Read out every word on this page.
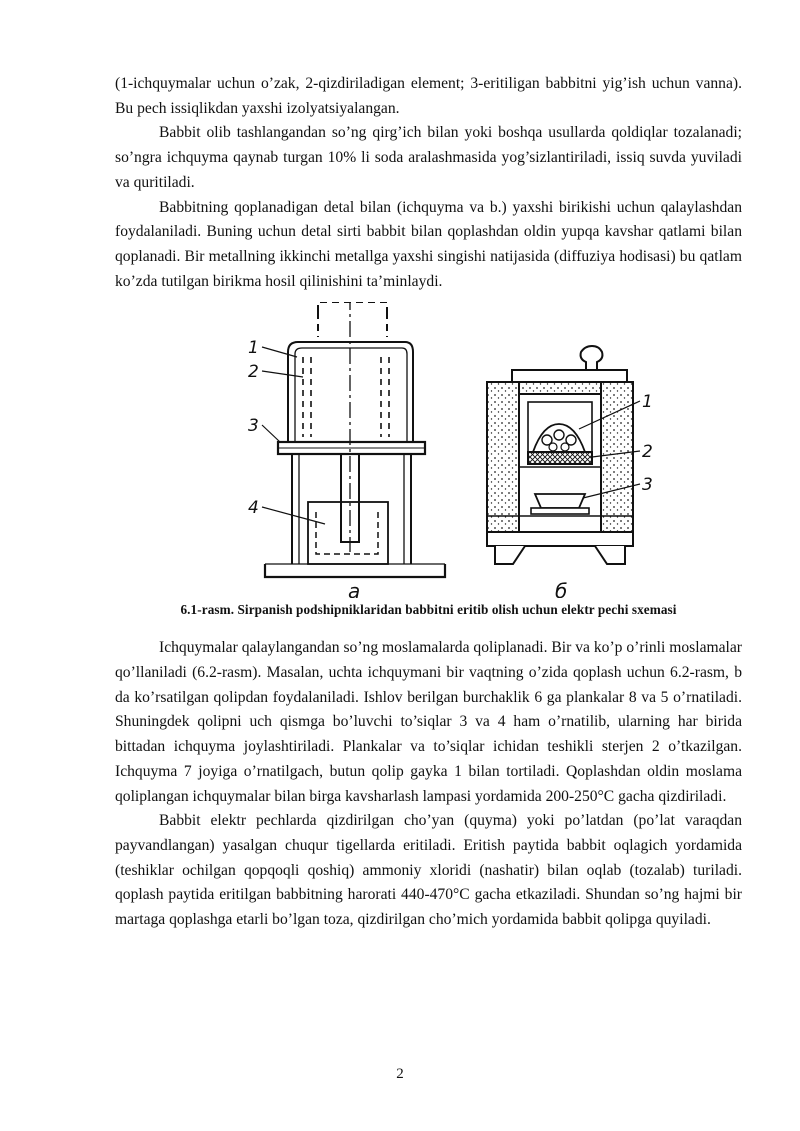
(1-ichquymalar uchun o’zak, 2-qizdiriladigan element; 3-eritiligan babbitni yig’ish uchun vanna). Bu pech issiqlikdan yaxshi izolyatsiyalangan.

Babbit olib tashlangandan so’ng qirg’ich bilan yoki boshqa usullarda qoldiqlar tozalanadi; so’ngra ichquyma qaynab turgan 10% li soda aralashmasida yog’sizlantiriladi, issiq suvda yuviladi va quritiladi.

Babbitning qoplanadigan detal bilan (ichquyma va b.) yaxshi birikishi uchun qalaylashdan foydalaniladi. Buning uchun detal sirti babbit bilan qoplashdan oldin yupqa kavshar qatlami bilan qoplanadi. Bir metallning ikkinchi metallga yaxshi singishi natijasida (diffuziya hodisasi) bu qatlam ko’zda tutilgan birikma hosil qilinishini ta’minlaydi.

1
2
3
4
a
1
2
3
б
6.1-rasm. Sirpanish podshipniklaridan babbitni eritib olish uchun elektr pechi sxemasi

Ichquymalar qalaylangandan so’ng moslamalarda qoliplanadi. Bir va ko’p o’rinli moslamalar qo’llaniladi (6.2-rasm). Masalan, uchta ichquymani bir vaqtning o’zida qoplash uchun 6.2-rasm, b da ko’rsatilgan qolipdan foydalaniladi. Ishlov berilgan burchaklik 6 ga plankalar 8 va 5 o’rnatiladi. Shuningdek qolipni uch qismga bo’luvchi to’siqlar 3 va 4 ham o’rnatilib, ularning har birida bittadan ichquyma joylashtiriladi. Plankalar va to’siqlar ichidan teshikli sterjen 2 o’tkazilgan. Ichquyma 7 joyiga o’rnatilgach, butun qolip gayka 1 bilan tortiladi. Qoplashdan oldin moslama qoliplangan ichquymalar bilan birga kavsharlash lampasi yordamida 200-250°C gacha qizdiriladi.

Babbit elektr pechlarda qizdirilgan cho’yan (quyma) yoki po’latdan (po’lat varaqdan payvandlangan) yasalgan chuqur tigellarda eritiladi. Eritish paytida babbit oqlagich yordamida (teshiklar ochilgan qopqoqli qoshiq) ammoniy xloridi (nashatir) bilan oqlab (tozalab) turiladi. qoplash paytida eritilgan babbitning harorati 440-470°C gacha etkaziladi. Shundan so’ng hajmi bir martaga qoplashga etarli bo’lgan toza, qizdirilgan cho’mich yordamida babbit qolipga quyiladi.

2
